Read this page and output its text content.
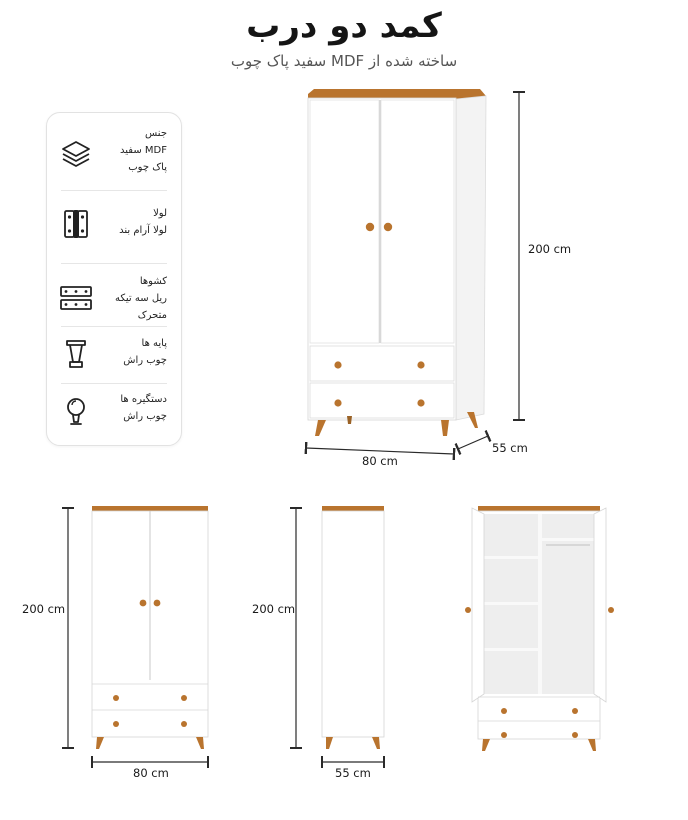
کمد دو درب
ساخته شده از MDF سفید پاک چوب
جنس
MDF سفید
پاک چوب
لولا
لولا آرام بند
کشوها
ریل سه تیکه
متحرک
پایه ها
چوب راش
دستگیره ها
چوب راش
200 cm
80 cm
55 cm
200 cm
80 cm
200 cm
55 cm
